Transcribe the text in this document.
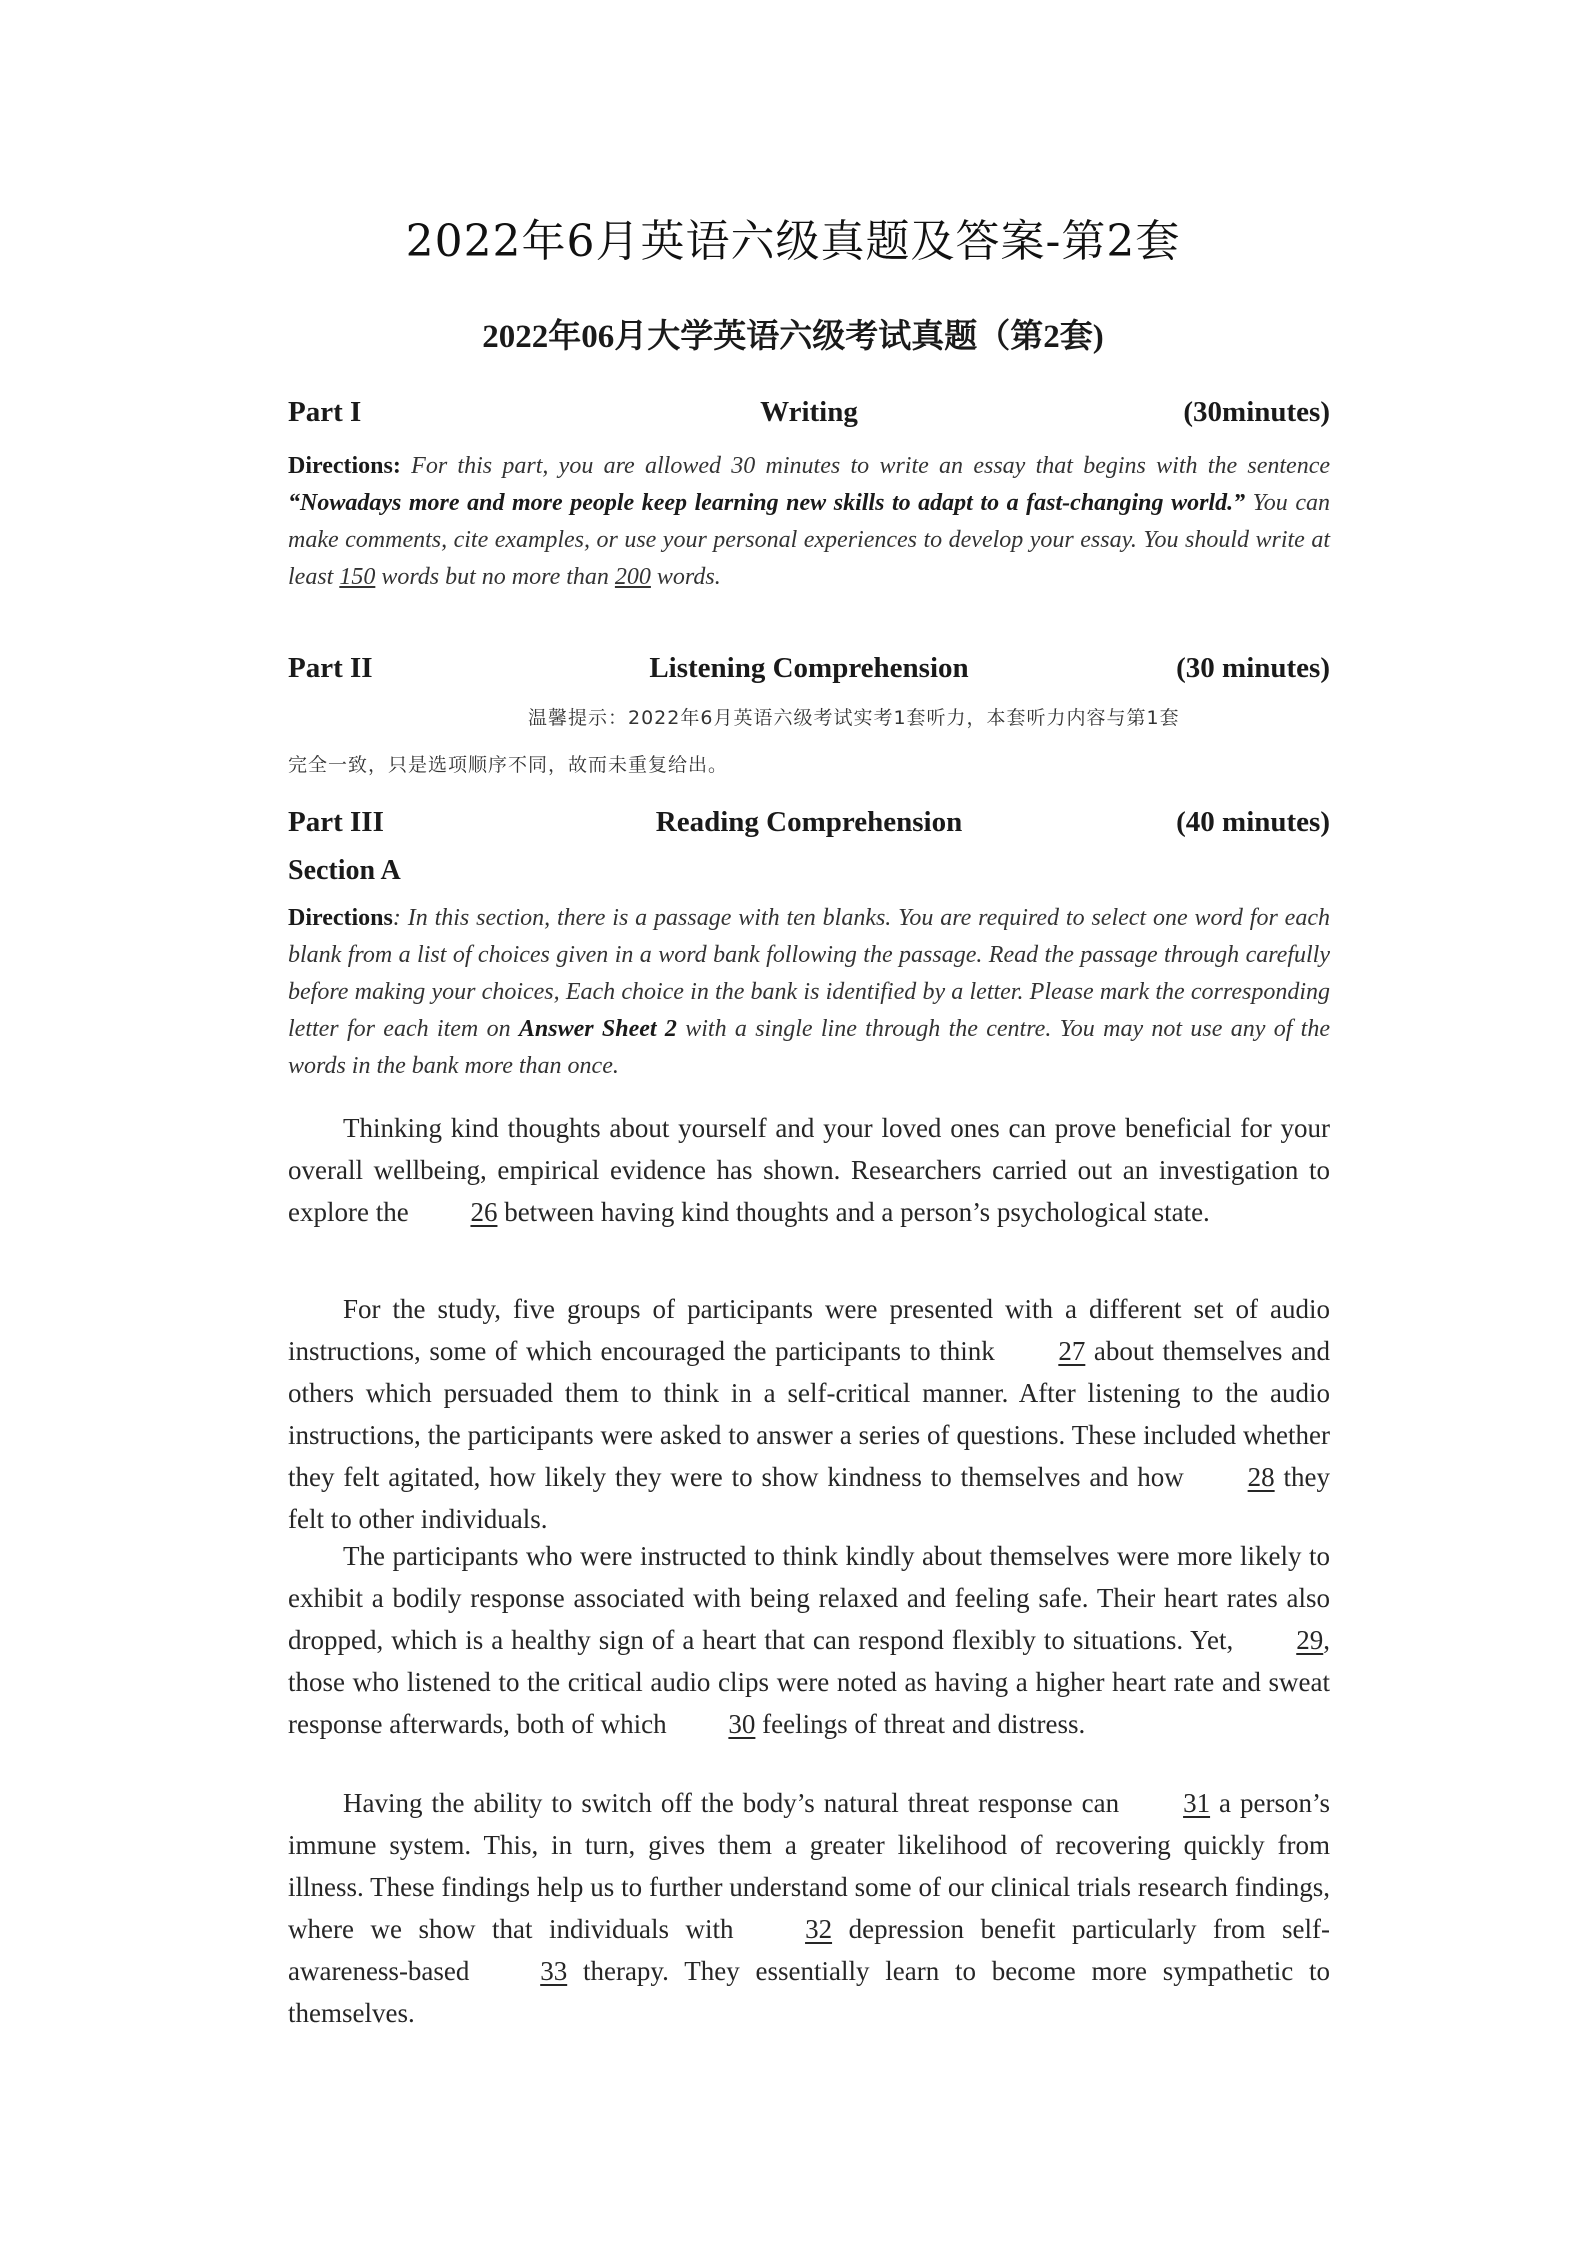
2022年6月英语六级真题及答案-第2套
2022年06月大学英语六级考试真题（第2套)
Writing
Part I	(30minutes)
Directions: For this part, you are allowed 30 minutes to write an essay that begins with the sentence “Nowadays more and more people keep learning new skills to adapt to a fast-changing world.” You can make comments, cite examples, or use your personal experiences to develop your essay. You should write at least 150 words but no more than 200 words.
Listening Comprehension
Part II	(30 minutes)
温馨提示：2022年6月英语六级考试实考1套听力，本套听力内容与第1套
完全一致，只是选项顺序不同，故而未重复给出。
Reading Comprehension
Part III	(40 minutes)
Section A
Directions: In this section, there is a passage with ten blanks. You are required to select one word for each blank from a list of choices given in a word bank following the passage. Read the passage through carefully before making your choices, Each choice in the bank is identified by a letter. Please mark the corresponding letter for each item on Answer Sheet 2 with a single line through the centre. You may not use any of the words in the bank more than once.

Thinking kind thoughts about yourself and your loved ones can prove beneficial for your overall wellbeing, empirical evidence has shown. Researchers carried out an investigation to explore the 26 between having kind thoughts and a person’s psychological state.

For the study, five groups of participants were presented with a different set of audio instructions, some of which encouraged the participants to think 27 about themselves and others which persuaded them to think in a self-critical manner. After listening to the audio instructions, the participants were asked to answer a series of questions. These included whether they felt agitated, how likely they were to show kindness to themselves and how 28 they felt to other individuals.

The participants who were instructed to think kindly about themselves were more likely to exhibit a bodily response associated with being relaxed and feeling safe. Their heart rates also dropped, which is a healthy sign of a heart that can respond flexibly to situations. Yet, 29, those who listened to the critical audio clips were noted as having a higher heart rate and sweat response afterwards, both of which 30 feelings of threat and distress.

Having the ability to switch off the body’s natural threat response can 31 a person’s immune system. This, in turn, gives them a greater likelihood of recovering quickly from illness. These findings help us to further understand some of our clinical trials research findings, where we show that individuals with 32 depression benefit particularly from self-awareness-based 33 therapy. They essentially learn to become more sympathetic to themselves.
